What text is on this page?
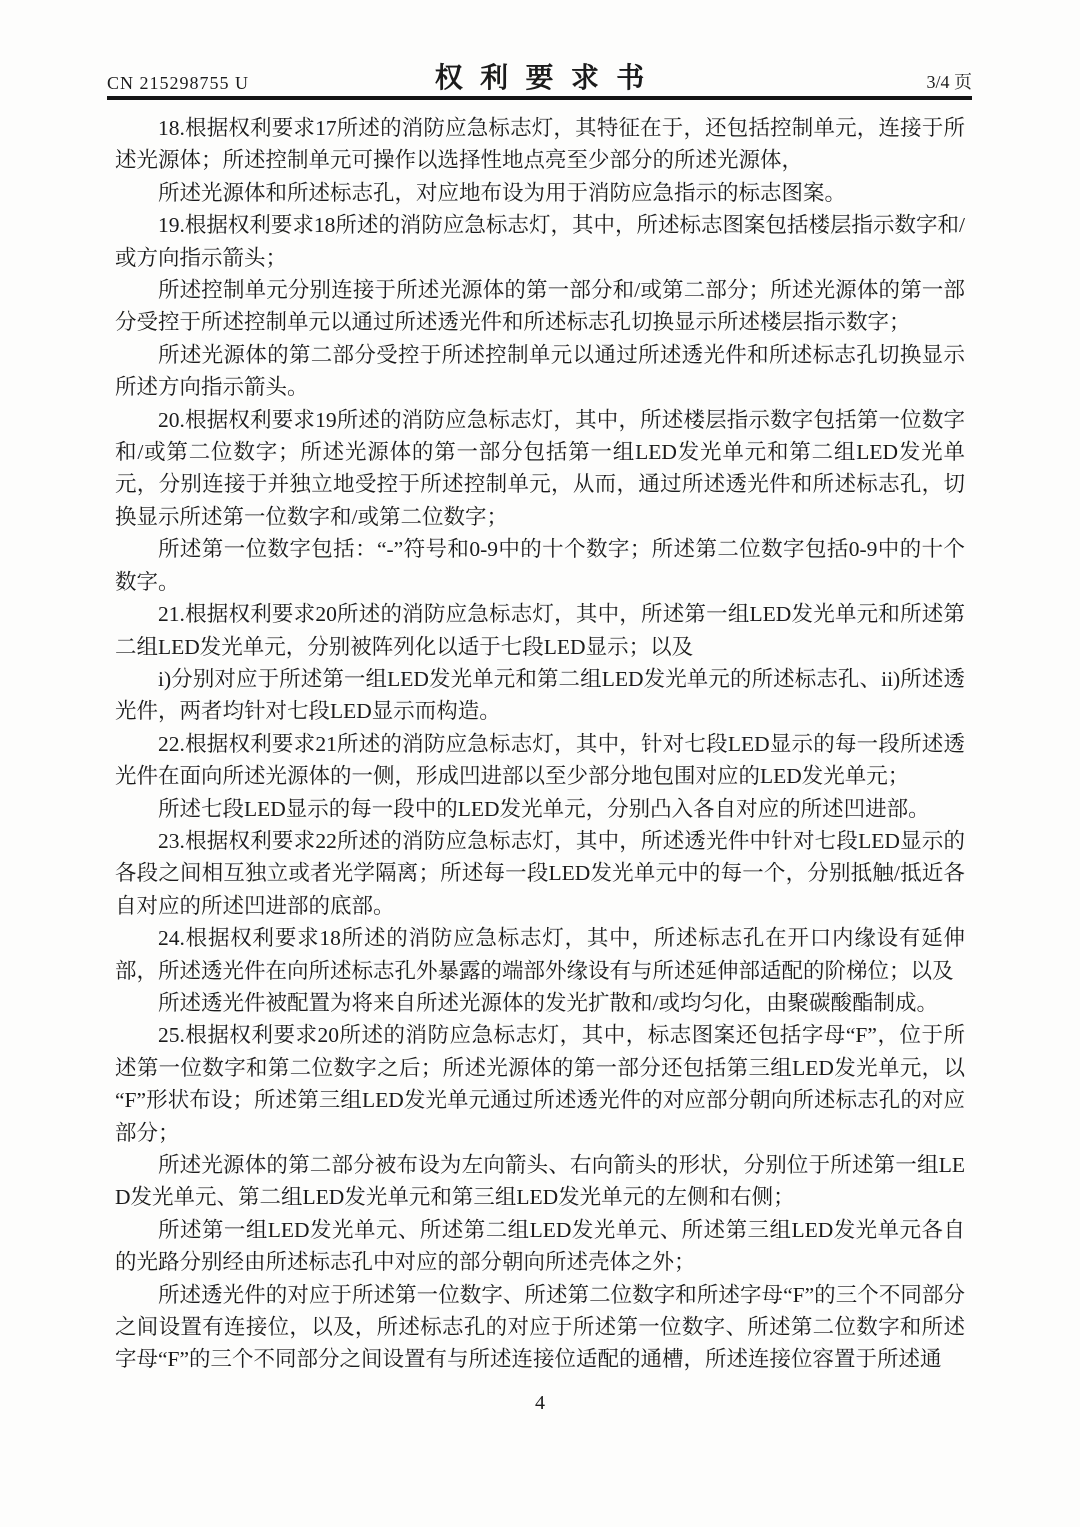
CN 215298755 U	权利要求书	3/4 页

18.根据权利要求17所述的消防应急标志灯，其特征在于，还包括控制单元，连接于所述光源体；所述控制单元可操作以选择性地点亮至少部分的所述光源体，

所述光源体和所述标志孔，对应地布设为用于消防应急指示的标志图案。

19.根据权利要求18所述的消防应急标志灯，其中，所述标志图案包括楼层指示数字和/或方向指示箭头；

所述控制单元分别连接于所述光源体的第一部分和/或第二部分；所述光源体的第一部分受控于所述控制单元以通过所述透光件和所述标志孔切换显示所述楼层指示数字；

所述光源体的第二部分受控于所述控制单元以通过所述透光件和所述标志孔切换显示所述方向指示箭头。

20.根据权利要求19所述的消防应急标志灯，其中，所述楼层指示数字包括第一位数字和/或第二位数字；所述光源体的第一部分包括第一组LED发光单元和第二组LED发光单元，分别连接于并独立地受控于所述控制单元，从而，通过所述透光件和所述标志孔，切换显示所述第一位数字和/或第二位数字；

所述第一位数字包括：“-”符号和0-9中的十个数字；所述第二位数字包括0-9中的十个数字。

21.根据权利要求20所述的消防应急标志灯，其中，所述第一组LED发光单元和所述第二组LED发光单元，分别被阵列化以适于七段LED显示；以及

i)分别对应于所述第一组LED发光单元和第二组LED发光单元的所述标志孔、ii)所述透光件，两者均针对七段LED显示而构造。

22.根据权利要求21所述的消防应急标志灯，其中，针对七段LED显示的每一段所述透光件在面向所述光源体的一侧，形成凹进部以至少部分地包围对应的LED发光单元；

所述七段LED显示的每一段中的LED发光单元，分别凸入各自对应的所述凹进部。

23.根据权利要求22所述的消防应急标志灯，其中，所述透光件中针对七段LED显示的各段之间相互独立或者光学隔离；所述每一段LED发光单元中的每一个，分别抵触/抵近各自对应的所述凹进部的底部。

24.根据权利要求18所述的消防应急标志灯，其中，所述标志孔在开口内缘设有延伸部，所述透光件在向所述标志孔外暴露的端部外缘设有与所述延伸部适配的阶梯位；以及

所述透光件被配置为将来自所述光源体的发光扩散和/或均匀化，由聚碳酸酯制成。

25.根据权利要求20所述的消防应急标志灯，其中，标志图案还包括字母“F”，位于所述第一位数字和第二位数字之后；所述光源体的第一部分还包括第三组LED发光单元，以“F”形状布设；所述第三组LED发光单元通过所述透光件的对应部分朝向所述标志孔的对应部分；

所述光源体的第二部分被布设为左向箭头、右向箭头的形状，分别位于所述第一组LED发光单元、第二组LED发光单元和第三组LED发光单元的左侧和右侧；

所述第一组LED发光单元、所述第二组LED发光单元、所述第三组LED发光单元各自的光路分别经由所述标志孔中对应的部分朝向所述壳体之外；

所述透光件的对应于所述第一位数字、所述第二位数字和所述字母“F”的三个不同部分之间设置有连接位，以及，所述标志孔的对应于所述第一位数字、所述第二位数字和所述字母“F”的三个不同部分之间设置有与所述连接位适配的通槽，所述连接位容置于所述通

4
